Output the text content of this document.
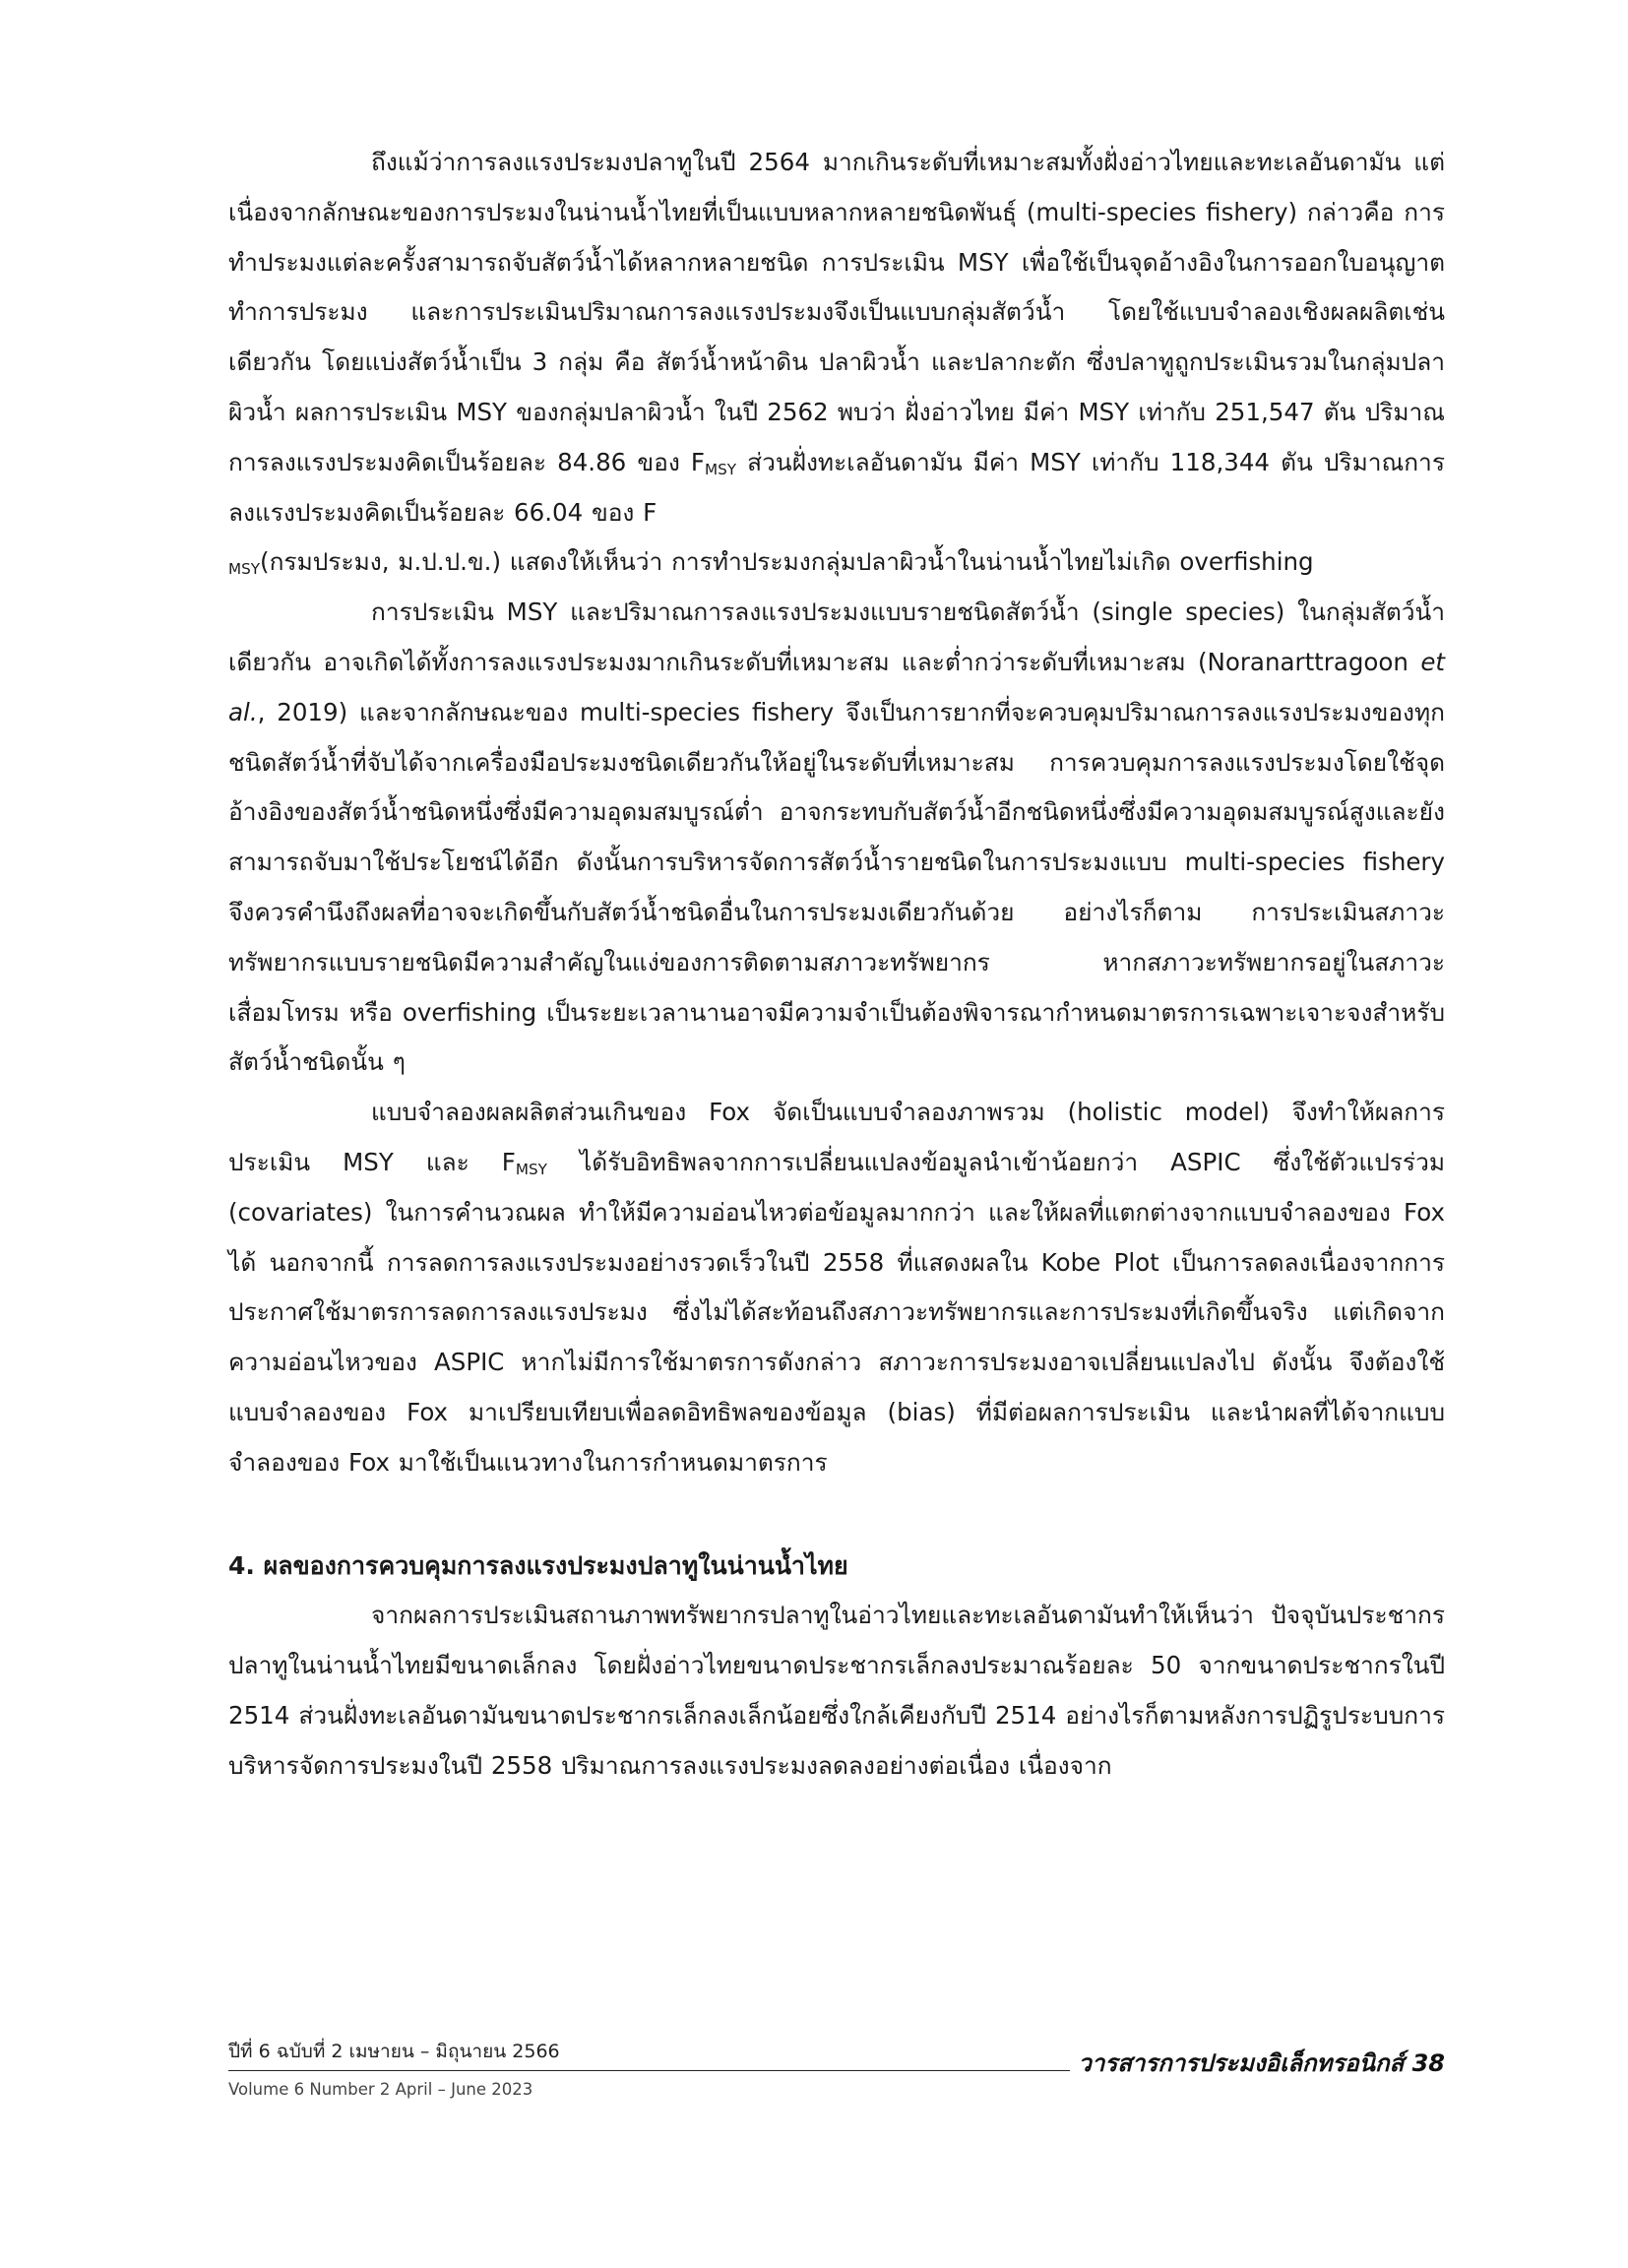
ถึงแม้ว่าการลงแรงประมงปลาทูในปี 2564 มากเกินระดับที่เหมาะสมทั้งฝั่งอ่าวไทยและทะเลอันดามัน แต่เนื่องจากลักษณะของการประมงในน่านน้ำไทยที่เป็นแบบหลากหลายชนิดพันธุ์ (multi-species fishery) กล่าวคือ การทำประมงแต่ละครั้งสามารถจับสัตว์น้ำได้หลากหลายชนิด การประเมิน MSY เพื่อใช้เป็นจุดอ้างอิงในการออกใบอนุญาตทำการประมง และการประเมินปริมาณการลงแรงประมงจึงเป็นแบบกลุ่มสัตว์น้ำ โดยใช้แบบจำลองเชิงผลผลิตเช่นเดียวกัน โดยแบ่งสัตว์น้ำเป็น 3 กลุ่ม คือ สัตว์น้ำหน้าดิน ปลาผิวน้ำ และปลากะตัก ซึ่งปลาทูถูกประเมินรวมในกลุ่มปลาผิวน้ำ ผลการประเมิน MSY ของกลุ่มปลาผิวน้ำ ในปี 2562 พบว่า ฝั่งอ่าวไทย มีค่า MSY เท่ากับ 251,547 ตัน ปริมาณการลงแรงประมงคิดเป็นร้อยละ 84.86 ของ $F_{MSY}$ ส่วนฝั่งทะเลอันดามัน มีค่า MSY เท่ากับ 118,344 ตัน ปริมาณการลงแรงประมงคิดเป็นร้อยละ 66.04 ของ F
$_{MSY}$(กรมประมง, ม.ป.ป.ข.) แสดงให้เห็นว่า การทำประมงกลุ่มปลาผิวน้ำในน่านน้ำไทยไม่เกิด overfishing

การประเมิน MSY และปริมาณการลงแรงประมงแบบรายชนิดสัตว์น้ำ (single species) ในกลุ่มสัตว์น้ำเดียวกัน อาจเกิดได้ทั้งการลงแรงประมงมากเกินระดับที่เหมาะสม และต่ำกว่าระดับที่เหมาะสม (Noranarttragoon et al., 2019) และจากลักษณะของ multi-species fishery จึงเป็นการยากที่จะควบคุมปริมาณการลงแรงประมงของทุกชนิดสัตว์น้ำที่จับได้จากเครื่องมือประมงชนิดเดียวกันให้อยู่ในระดับที่เหมาะสม การควบคุมการลงแรงประมงโดยใช้จุดอ้างอิงของสัตว์น้ำชนิดหนึ่งซึ่งมีความอุดมสมบูรณ์ต่ำ อาจกระทบกับสัตว์น้ำอีกชนิดหนึ่งซึ่งมีความอุดมสมบูรณ์สูงและยังสามารถจับมาใช้ประโยชน์ได้อีก ดังนั้นการบริหารจัดการสัตว์น้ำรายชนิดในการประมงแบบ multi-species fishery จึงควรคำนึงถึงผลที่อาจจะเกิดขึ้นกับสัตว์น้ำชนิดอื่นในการประมงเดียวกันด้วย อย่างไรก็ตาม การประเมินสภาวะทรัพยากรแบบรายชนิดมีความสำคัญในแง่ของการติดตามสภาวะทรัพยากร หากสภาวะทรัพยากรอยู่ในสภาวะเสื่อมโทรม หรือ overfishing เป็นระยะเวลานานอาจมีความจำเป็นต้องพิจารณากำหนดมาตรการเฉพาะเจาะจงสำหรับสัตว์น้ำชนิดนั้น ๆ

แบบจำลองผลผลิตส่วนเกินของ Fox จัดเป็นแบบจำลองภาพรวม (holistic model) จึงทำให้ผลการประเมิน MSY และ $F_{MSY}$ ได้รับอิทธิพลจากการเปลี่ยนแปลงข้อมูลนำเข้าน้อยกว่า ASPIC ซึ่งใช้ตัวแปรร่วม (covariates) ในการคำนวณผล ทำให้มีความอ่อนไหวต่อข้อมูลมากกว่า และให้ผลที่แตกต่างจากแบบจำลองของ Fox ได้ นอกจากนี้ การลดการลงแรงประมงอย่างรวดเร็วในปี 2558 ที่แสดงผลใน Kobe Plot เป็นการลดลงเนื่องจากการประกาศใช้มาตรการลดการลงแรงประมง ซึ่งไม่ได้สะท้อนถึงสภาวะทรัพยากรและการประมงที่เกิดขึ้นจริง แต่เกิดจากความอ่อนไหวของ ASPIC หากไม่มีการใช้มาตรการดังกล่าว สภาวะการประมงอาจเปลี่ยนแปลงไป ดังนั้น จึงต้องใช้แบบจำลองของ Fox มาเปรียบเทียบเพื่อลดอิทธิพลของข้อมูล (bias) ที่มีต่อผลการประเมิน และนำผลที่ได้จากแบบจำลองของ Fox มาใช้เป็นแนวทางในการกำหนดมาตรการ

4. ผลของการควบคุมการลงแรงประมงปลาทูในน่านน้ำไทย

จากผลการประเมินสถานภาพทรัพยากรปลาทูในอ่าวไทยและทะเลอันดามันทำให้เห็นว่า ปัจจุบันประชากรปลาทูในน่านน้ำไทยมีขนาดเล็กลง โดยฝั่งอ่าวไทยขนาดประชากรเล็กลงประมาณร้อยละ 50 จากขนาดประชากรในปี 2514 ส่วนฝั่งทะเลอันดามันขนาดประชากรเล็กลงเล็กน้อยซึ่งใกล้เคียงกับปี 2514 อย่างไรก็ตามหลังการปฏิรูประบบการบริหารจัดการประมงในปี 2558 ปริมาณการลงแรงประมงลดลงอย่างต่อเนื่อง เนื่องจาก

ปีที่ 6 ฉบับที่ 2 เมษายน – มิถุนายน 2566	วารสารการประมงอิเล็กทรอนิกส์ 38
Volume 6 Number 2 April – June 2023
